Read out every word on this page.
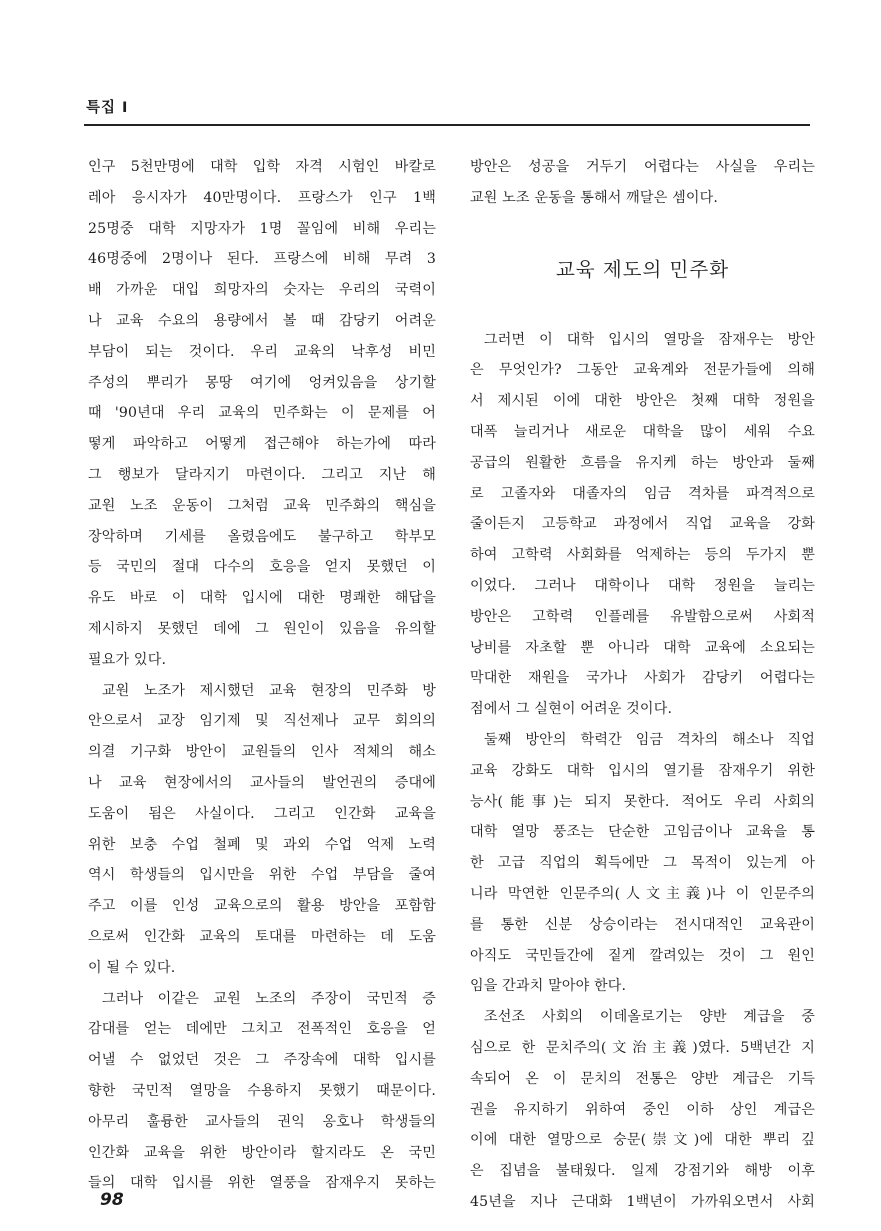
특집 I
인구 5천만명에 대학 입학 자격 시험인 바칼로
레아 응시자가 40만명이다. 프랑스가 인구 1백
25명중 대학 지망자가 1명 꼴임에 비해 우리는
46명중에 2명이나 된다. 프랑스에 비해 무려 3
배 가까운 대입 희망자의 숫자는 우리의 국력이
나 교육 수요의 용량에서 볼 때 감당키 어려운
부담이 되는 것이다. 우리 교육의 낙후성 비민
주성의 뿌리가 몽땅 여기에 엉켜있음을 상기할
때 '90년대 우리 교육의 민주화는 이 문제를 어
떻게 파악하고 어떻게 접근해야 하는가에 따라
그 행보가 달라지기 마련이다. 그리고 지난 해
교원 노조 운동이 그처럼 교육 민주화의 핵심을
장악하며 기세를 올렸음에도 불구하고 학부모
등 국민의 절대 다수의 호응을 얻지 못했던 이
유도 바로 이 대학 입시에 대한 명쾌한 해답을
제시하지 못했던 데에 그 원인이 있음을 유의할
필요가 있다.
교원 노조가 제시했던 교육 현장의 민주화 방
안으로서 교장 임기제 및 직선제나 교무 회의의
의결 기구화 방안이 교원들의 인사 적체의 해소
나 교육 현장에서의 교사들의 발언권의 증대에
도움이 됨은 사실이다. 그리고 인간화 교육을
위한 보충 수업 철폐 및 과외 수업 억제 노력
역시 학생들의 입시만을 위한 수업 부담을 줄여
주고 이를 인성 교육으로의 활용 방안을 포함함
으로써 인간화 교육의 토대를 마련하는 데 도움
이 될 수 있다.
그러나 이같은 교원 노조의 주장이 국민적 증
감대를 얻는 데에만 그치고 전폭적인 호응을 얻
어낼 수 없었던 것은 그 주장속에 대학 입시를
향한 국민적 열망을 수용하지 못했기 때문이다.
아무리 훌륭한 교사들의 권익 옹호나 학생들의
인간화 교육을 위한 방안이라 할지라도 온 국민
들의 대학 입시를 위한 열풍을 잠재우지 못하는
방안은 성공을 거두기 어렵다는 사실을 우리는
교원 노조 운동을 통해서 깨달은 셈이다.
교육 제도의 민주화
그러면 이 대학 입시의 열망을 잠재우는 방안
은 무엇인가? 그동안 교육계와 전문가들에 의해
서 제시된 이에 대한 방안은 첫째 대학 정원을
대폭 늘리거나 새로운 대학을 많이 세워 수요
공급의 원활한 흐름을 유지케 하는 방안과 둘째
로 고졸자와 대졸자의 임금 격차를 파격적으로
줄이든지 고등학교 과정에서 직업 교육을 강화
하여 고학력 사회화를 억제하는 등의 두가지 뿐
이었다. 그러나 대학이나 대학 정원을 늘리는
방안은 고학력 인플레를 유발함으로써 사회적
낭비를 자초할 뿐 아니라 대학 교육에 소요되는
막대한 재원을 국가나 사회가 감당키 어렵다는
점에서 그 실현이 어려운 것이다.
둘째 방안의 학력간 임금 격차의 해소나 직업
교육 강화도 대학 입시의 열기를 잠재우기 위한
능사(能事)는 되지 못한다. 적어도 우리 사회의
대학 열망 풍조는 단순한 고임금이나 교육을 통
한 고급 직업의 획득에만 그 목적이 있는게 아
니라 막연한 인문주의(人文主義)나 이 인문주의
를 통한 신분 상승이라는 전시대적인 교육관이
아직도 국민들간에 짙게 깔려있는 것이 그 원인
임을 간과치 말아야 한다.
조선조 사회의 이데올로기는 양반 계급을 중
심으로 한 문치주의(文治主義)였다. 5백년간 지
속되어 온 이 문치의 전통은 양반 계급은 기득
권을 유지하기 위하여 중인 이하 상인 계급은
이에 대한 열망으로 숭문(崇文)에 대한 뿌리 깊
은 집념을 불태웠다. 일제 강점기와 해방 이후
45년을 지나 근대화 1백년이 가까워오면서 사회
98
